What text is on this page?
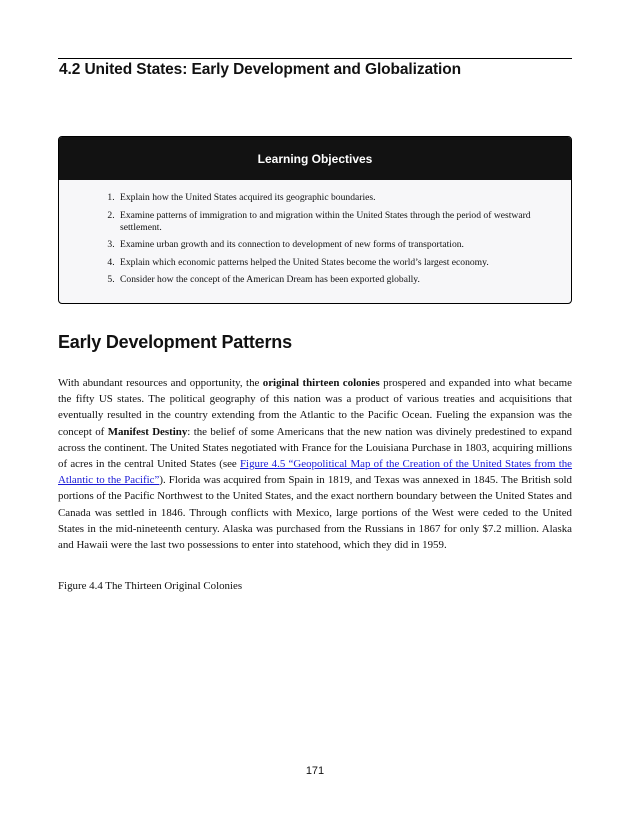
4.2 United States: Early Development and Globalization
Learning Objectives
1. Explain how the United States acquired its geographic boundaries.
2. Examine patterns of immigration to and migration within the United States through the period of westward settlement.
3. Examine urban growth and its connection to development of new forms of transportation.
4. Explain which economic patterns helped the United States become the world’s largest economy.
5. Consider how the concept of the American Dream has been exported globally.
Early Development Patterns

With abundant resources and opportunity, the original thirteen colonies prospered and expanded into what became the fifty US states. The political geography of this nation was a product of various treaties and acquisitions that eventually resulted in the country extending from the Atlantic to the Pacific Ocean. Fueling the expansion was the concept of Manifest Destiny: the belief of some Americans that the new nation was divinely predestined to expand across the continent. The United States negotiated with France for the Louisiana Purchase in 1803, acquiring millions of acres in the central United States (see Figure 4.5 “Geopolitical Map of the Creation of the United States from the Atlantic to the Pacific”). Florida was acquired from Spain in 1819, and Texas was annexed in 1845. The British sold portions of the Pacific Northwest to the United States, and the exact northern boundary between the United States and Canada was settled in 1846. Through conflicts with Mexico, large portions of the West were ceded to the United States in the mid-nineteenth century. Alaska was purchased from the Russians in 1867 for only $7.2 million. Alaska and Hawaii were the last two possessions to enter into statehood, which they did in 1959.

Figure 4.4 The Thirteen Original Colonies
171
